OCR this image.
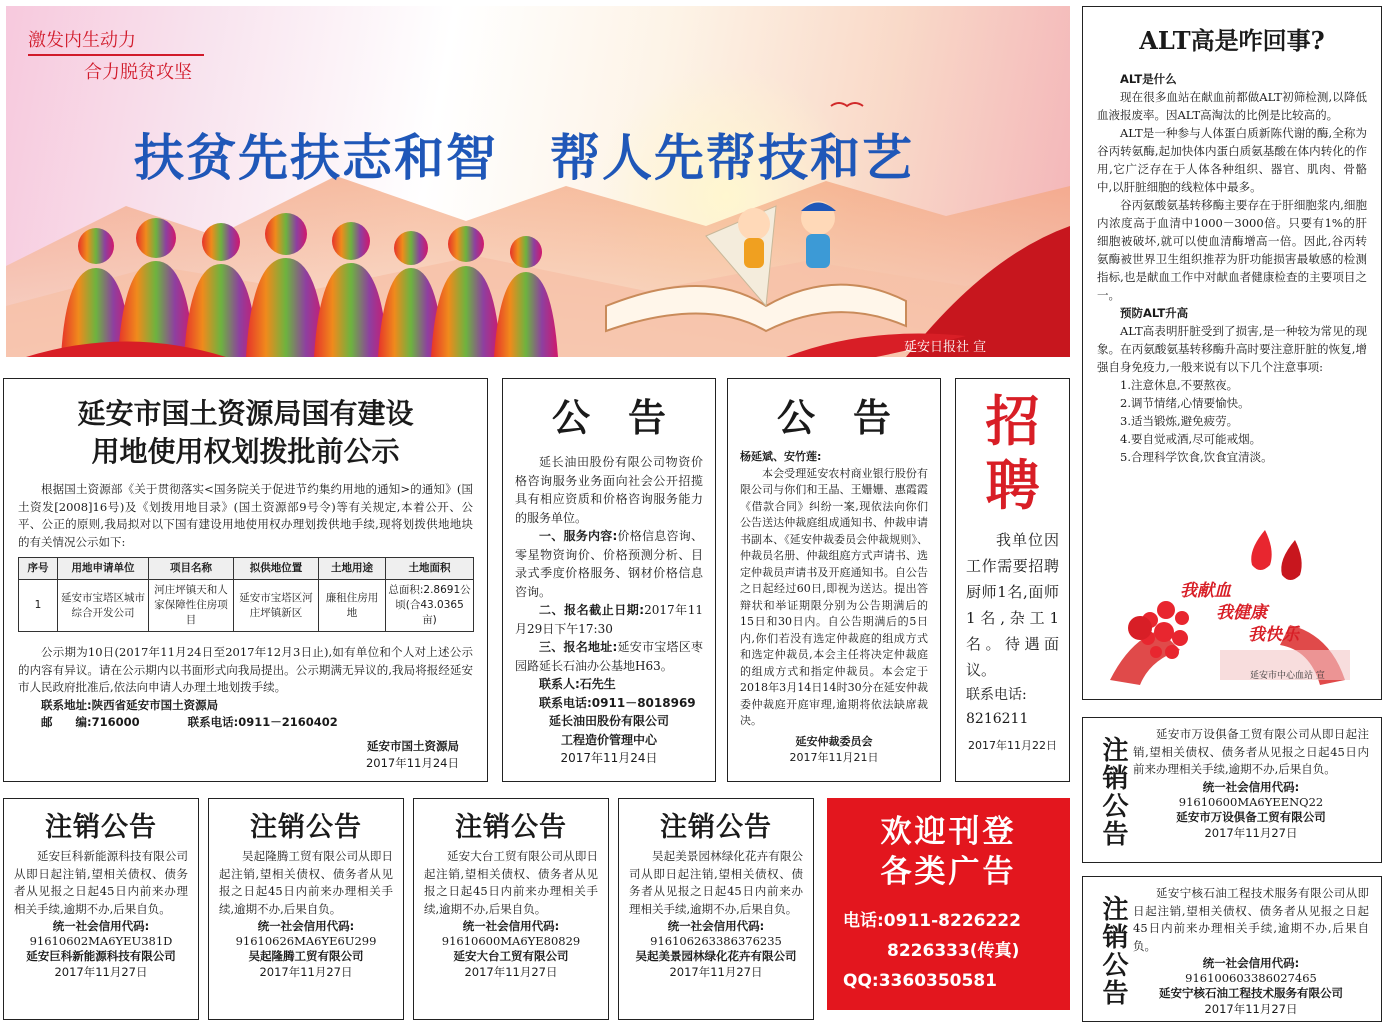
激发内生动力
合力脱贫攻坚
扶贫先扶志和智　帮人先帮技和艺
延安日报社 宣
ALT高是咋回事?

ALT是什么

现在很多血站在献血前都做ALT初筛检测,以降低血液报废率。因ALT高淘汰的比例是比较高的。

ALT是一种参与人体蛋白质新陈代谢的酶,全称为谷丙转氨酶,起加快体内蛋白质氨基酸在体内转化的作用,它广泛存在于人体各种组织、器官、肌肉、骨骼中,以肝脏细胞的线粒体中最多。

谷丙氨酸氨基转移酶主要存在于肝细胞浆内,细胞内浓度高于血清中1000－3000倍。只要有1%的肝细胞被破坏,就可以使血清酶增高一倍。因此,谷丙转氨酶被世界卫生组织推荐为肝功能损害最敏感的检测指标,也是献血工作中对献血者健康检查的主要项目之一。

预防ALT升高

ALT高表明肝脏受到了损害,是一种较为常见的现象。在丙氨酸氨基转移酶升高时要注意肝脏的恢复,增强自身免疫力,一般来说有以下几个注意事项:

1.注意休息,不要熬夜。

2.调节情绪,心情要愉快。

3.适当锻炼,避免疲劳。

4.要自觉戒酒,尽可能戒烟。

5.合理科学饮食,饮食宜清淡。

AB
我献血
我健康
我快乐
延安市中心血站 宣
延安市国土资源局国有建设
用地使用权划拨批前公示

根据国土资源部《关于贯彻落实<国务院关于促进节约集约用地的通知>的通知》(国土资发[2008]16号)及《划拨用地目录》(国土资源部9号令)等有关规定,本着公开、公平、公正的原则,我局拟对以下国有建设用地使用权办理划拨供地手续,现将划拨供地地块的有关情况公示如下:

序号	用地申请单位	项目名称	拟供地位置	土地用途	土地面积
1	延安市宝塔区城市综合开发公司	河庄坪镇天和人家保障性住房项目	延安市宝塔区河庄坪镇新区	廉租住房用地	总面积:2.8691公顷(合43.0365亩)

公示期为10日(2017年11月24日至2017年12月3日止),如有单位和个人对上述公示的内容有异议。请在公示期内以书面形式向我局提出。公示期满无异议的,我局将报经延安市人民政府批准后,依法向申请人办理土地划拨手续。

联系地址:陕西省延安市国土资源局

邮　　编:716000	联系电话:0911－2160402

延安市国土资源局

2017年11月24日

公　告

延长油田股份有限公司物资价格咨询服务业务面向社会公开招揽具有相应资质和价格咨询服务能力的服务单位。

一、服务内容:价格信息咨询、零星物资询价、价格预测分析、目录式季度价格服务、钢材价格信息咨询。

二、报名截止日期:2017年11月29日下午17:30

三、报名地址:延安市宝塔区枣园路延长石油办公基地H63。

联系人:石先生

联系电话:0911－8018969

延长油田股份有限公司

工程造价管理中心

2017年11月24日

公　告

杨延斌、安竹莲:

本会受理延安农村商业银行股份有限公司与你们和王晶、王姗姗、惠霞霞《借款合同》纠纷一案,现依法向你们公告送达仲裁庭组成通知书、仲裁申请书副本、《延安仲裁委员会仲裁规则》、仲裁员名册、仲裁组庭方式声请书、选定仲裁员声请书及开庭通知书。自公告之日起经过60日,即视为送达。提出答辩状和举证期限分别为公告期满后的15日和30日内。自公告期满后的5日内,你们若没有选定仲裁庭的组成方式和选定仲裁员,本会主任将决定仲裁庭的组成方式和指定仲裁员。本会定于2018年3月14日14时30分在延安仲裁委仲裁庭开庭审理,逾期将依法缺席裁决。

延安仲裁委员会

2017年11月21日

招
聘

我单位因工作需要招聘厨师1名,面师1名,杂工1名。待遇面议。

联系电话:

8216211

2017年11月22日

注销公告

延安巨科新能源科技有限公司从即日起注销,望相关债权、债务者从见报之日起45日内前来办理相关手续,逾期不办,后果自负。

统一社会信用代码:

91610602MA6YEU381D

延安巨科新能源科技有限公司

2017年11月27日

注销公告

吴起隆腾工贸有限公司从即日起注销,望相关债权、债务者从见报之日起45日内前来办理相关手续,逾期不办,后果自负。

统一社会信用代码:

91610626MA6YE6U299

吴起隆腾工贸有限公司

2017年11月27日

注销公告

延安大台工贸有限公司从即日起注销,望相关债权、债务者从见报之日起45日内前来办理相关手续,逾期不办,后果自负。

统一社会信用代码:

91610600MA6YE80829

延安大台工贸有限公司

2017年11月27日

注销公告

吴起美景园林绿化花卉有限公司从即日起注销,望相关债权、债务者从见报之日起45日内前来办理相关手续,逾期不办,后果自负。

统一社会信用代码:

916106263386376235

吴起美景园林绿化花卉有限公司

2017年11月27日

欢迎刊登
各类广告
电话:0911-8226222
8226333(传真)
QQ:3360350581
注销公告

延安市万设俱备工贸有限公司从即日起注销,望相关债权、债务者从见报之日起45日内前来办理相关手续,逾期不办,后果自负。

统一社会信用代码:

91610600MA6YEENQ22

延安市万设俱备工贸有限公司

2017年11月27日

注销公告

延安宁核石油工程技术服务有限公司从即日起注销,望相关债权、债务者从见报之日起45日内前来办理相关手续,逾期不办,后果自负。

统一社会信用代码:

916100603386027465

延安宁核石油工程技术服务有限公司

2017年11月27日
